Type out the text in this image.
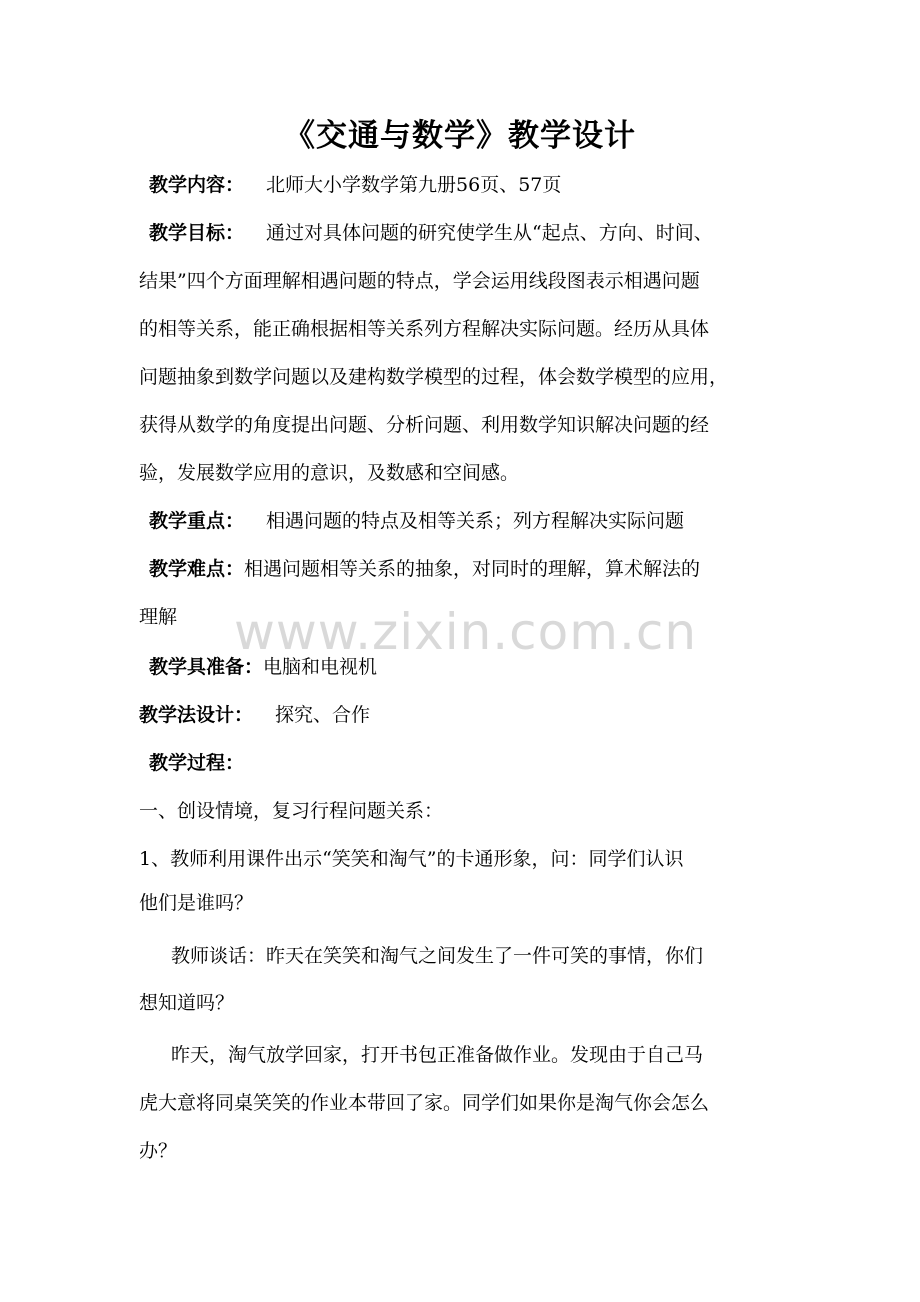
《交通与数学》教学设计
教学内容： 北师大小学数学第九册56页、57页
教学目标： 通过对具体问题的研究使学生从“起点、方向、时间、
结果”四个方面理解相遇问题的特点，学会运用线段图表示相遇问题
的相等关系，能正确根据相等关系列方程解决实际问题。经历从具体
问题抽象到数学问题以及建构数学模型的过程，体会数学模型的应用，
获得从数学的角度提出问题、分析问题、利用数学知识解决问题的经
验，发展数学应用的意识，及数感和空间感。
教学重点： 相遇问题的特点及相等关系；列方程解决实际问题
教学难点：相遇问题相等关系的抽象，对同时的理解，算术解法的
理解	www.zixin.com.cn
教学具准备：电脑和电视机
教学法设计： 探究、合作
教学过程：
一、创设情境，复习行程问题关系：
1、教师利用课件出示“笑笑和淘气”的卡通形象，问：同学们认识
他们是谁吗？
教师谈话：昨天在笑笑和淘气之间发生了一件可笑的事情，你们
想知道吗？
昨天，淘气放学回家，打开书包正准备做作业。发现由于自己马
虎大意将同桌笑笑的作业本带回了家。同学们如果你是淘气你会怎么
办？
